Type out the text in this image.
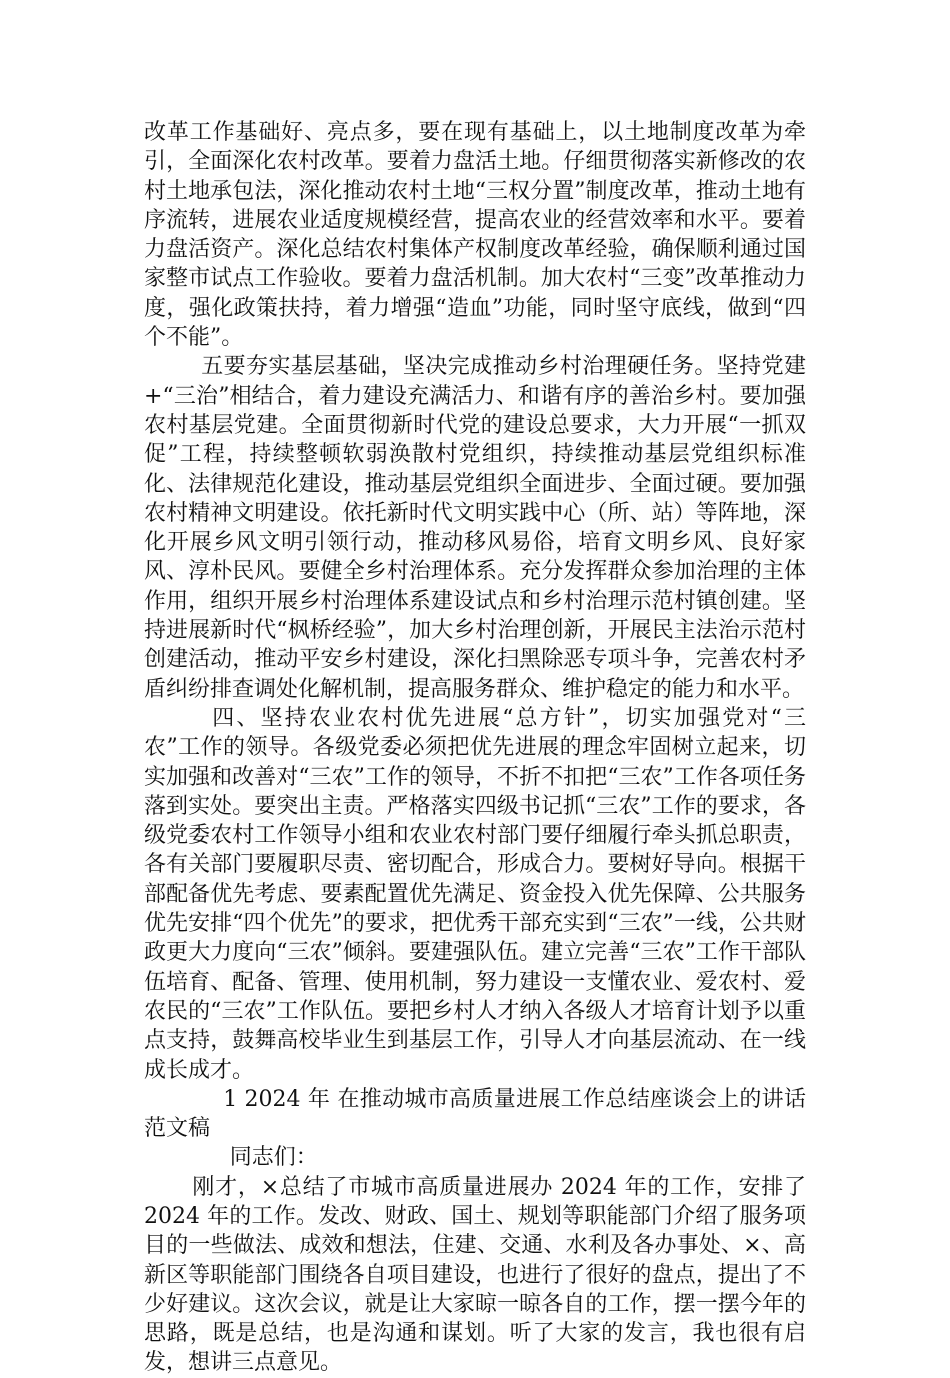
改革工作基础好、亮点多，要在现有基础上，以土地制度改革为牵引，全面深化农村改革。要着力盘活土地。仔细贯彻落实新修改的农村土地承包法，深化推动农村土地“三权分置”制度改革，推动土地有序流转，进展农业适度规模经营，提高农业的经营效率和水平。要着力盘活资产。深化总结农村集体产权制度改革经验，确保顺利通过国家整市试点工作验收。要着力盘活机制。加大农村“三变”改革推动力度，强化政策扶持，着力增强“造血”功能，同时坚守底线，做到“四个不能”。

五要夯实基层基础，坚决完成推动乡村治理硬任务。坚持党建+“三治”相结合，着力建设充满活力、和谐有序的善治乡村。要加强农村基层党建。全面贯彻新时代党的建设总要求，大力开展“一抓双促”工程，持续整顿软弱涣散村党组织，持续推动基层党组织标准化、法律规范化建设，推动基层党组织全面进步、全面过硬。要加强农村精神文明建设。依托新时代文明实践中心（所、站）等阵地，深化开展乡风文明引领行动，推动移风易俗，培育文明乡风、良好家风、淳朴民风。要健全乡村治理体系。充分发挥群众参加治理的主体作用，组织开展乡村治理体系建设试点和乡村治理示范村镇创建。坚持进展新时代“枫桥经验”，加大乡村治理创新，开展民主法治示范村创建活动，推动平安乡村建设，深化扫黑除恶专项斗争，完善农村矛盾纠纷排查调处化解机制，提高服务群众、维护稳定的能力和水平。

四、坚持农业农村优先进展“总方针”，切实加强党对“三农”工作的领导。各级党委必须把优先进展的理念牢固树立起来，切实加强和改善对“三农”工作的领导，不折不扣把“三农”工作各项任务落到实处。要突出主责。严格落实四级书记抓“三农”工作的要求，各级党委农村工作领导小组和农业农村部门要仔细履行牵头抓总职责，各有关部门要履职尽责、密切配合，形成合力。要树好导向。根据干部配备优先考虑、要素配置优先满足、资金投入优先保障、公共服务优先安排“四个优先”的要求，把优秀干部充实到“三农”一线，公共财政更大力度向“三农”倾斜。要建强队伍。建立完善“三农”工作干部队伍培育、配备、管理、使用机制，努力建设一支懂农业、爱农村、爱农民的“三农”工作队伍。要把乡村人才纳入各级人才培育计划予以重点支持，鼓舞高校毕业生到基层工作，引导人才向基层流动、在一线成长成才。

1 2024 年 在推动城市高质量进展工作总结座谈会上的讲话范文稿

同志们：

刚才，×总结了市城市高质量进展办 2024 年的工作，安排了 2024 年的工作。发改、财政、国土、规划等职能部门介绍了服务项目的一些做法、成效和想法，住建、交通、水利及各办事处、×、高新区等职能部门围绕各自项目建设，也进行了很好的盘点，提出了不少好建议。这次会议，就是让大家晾一晾各自的工作，摆一摆今年的思路，既是总结，也是沟通和谋划。听了大家的发言，我也很有启发，想讲三点意见。
